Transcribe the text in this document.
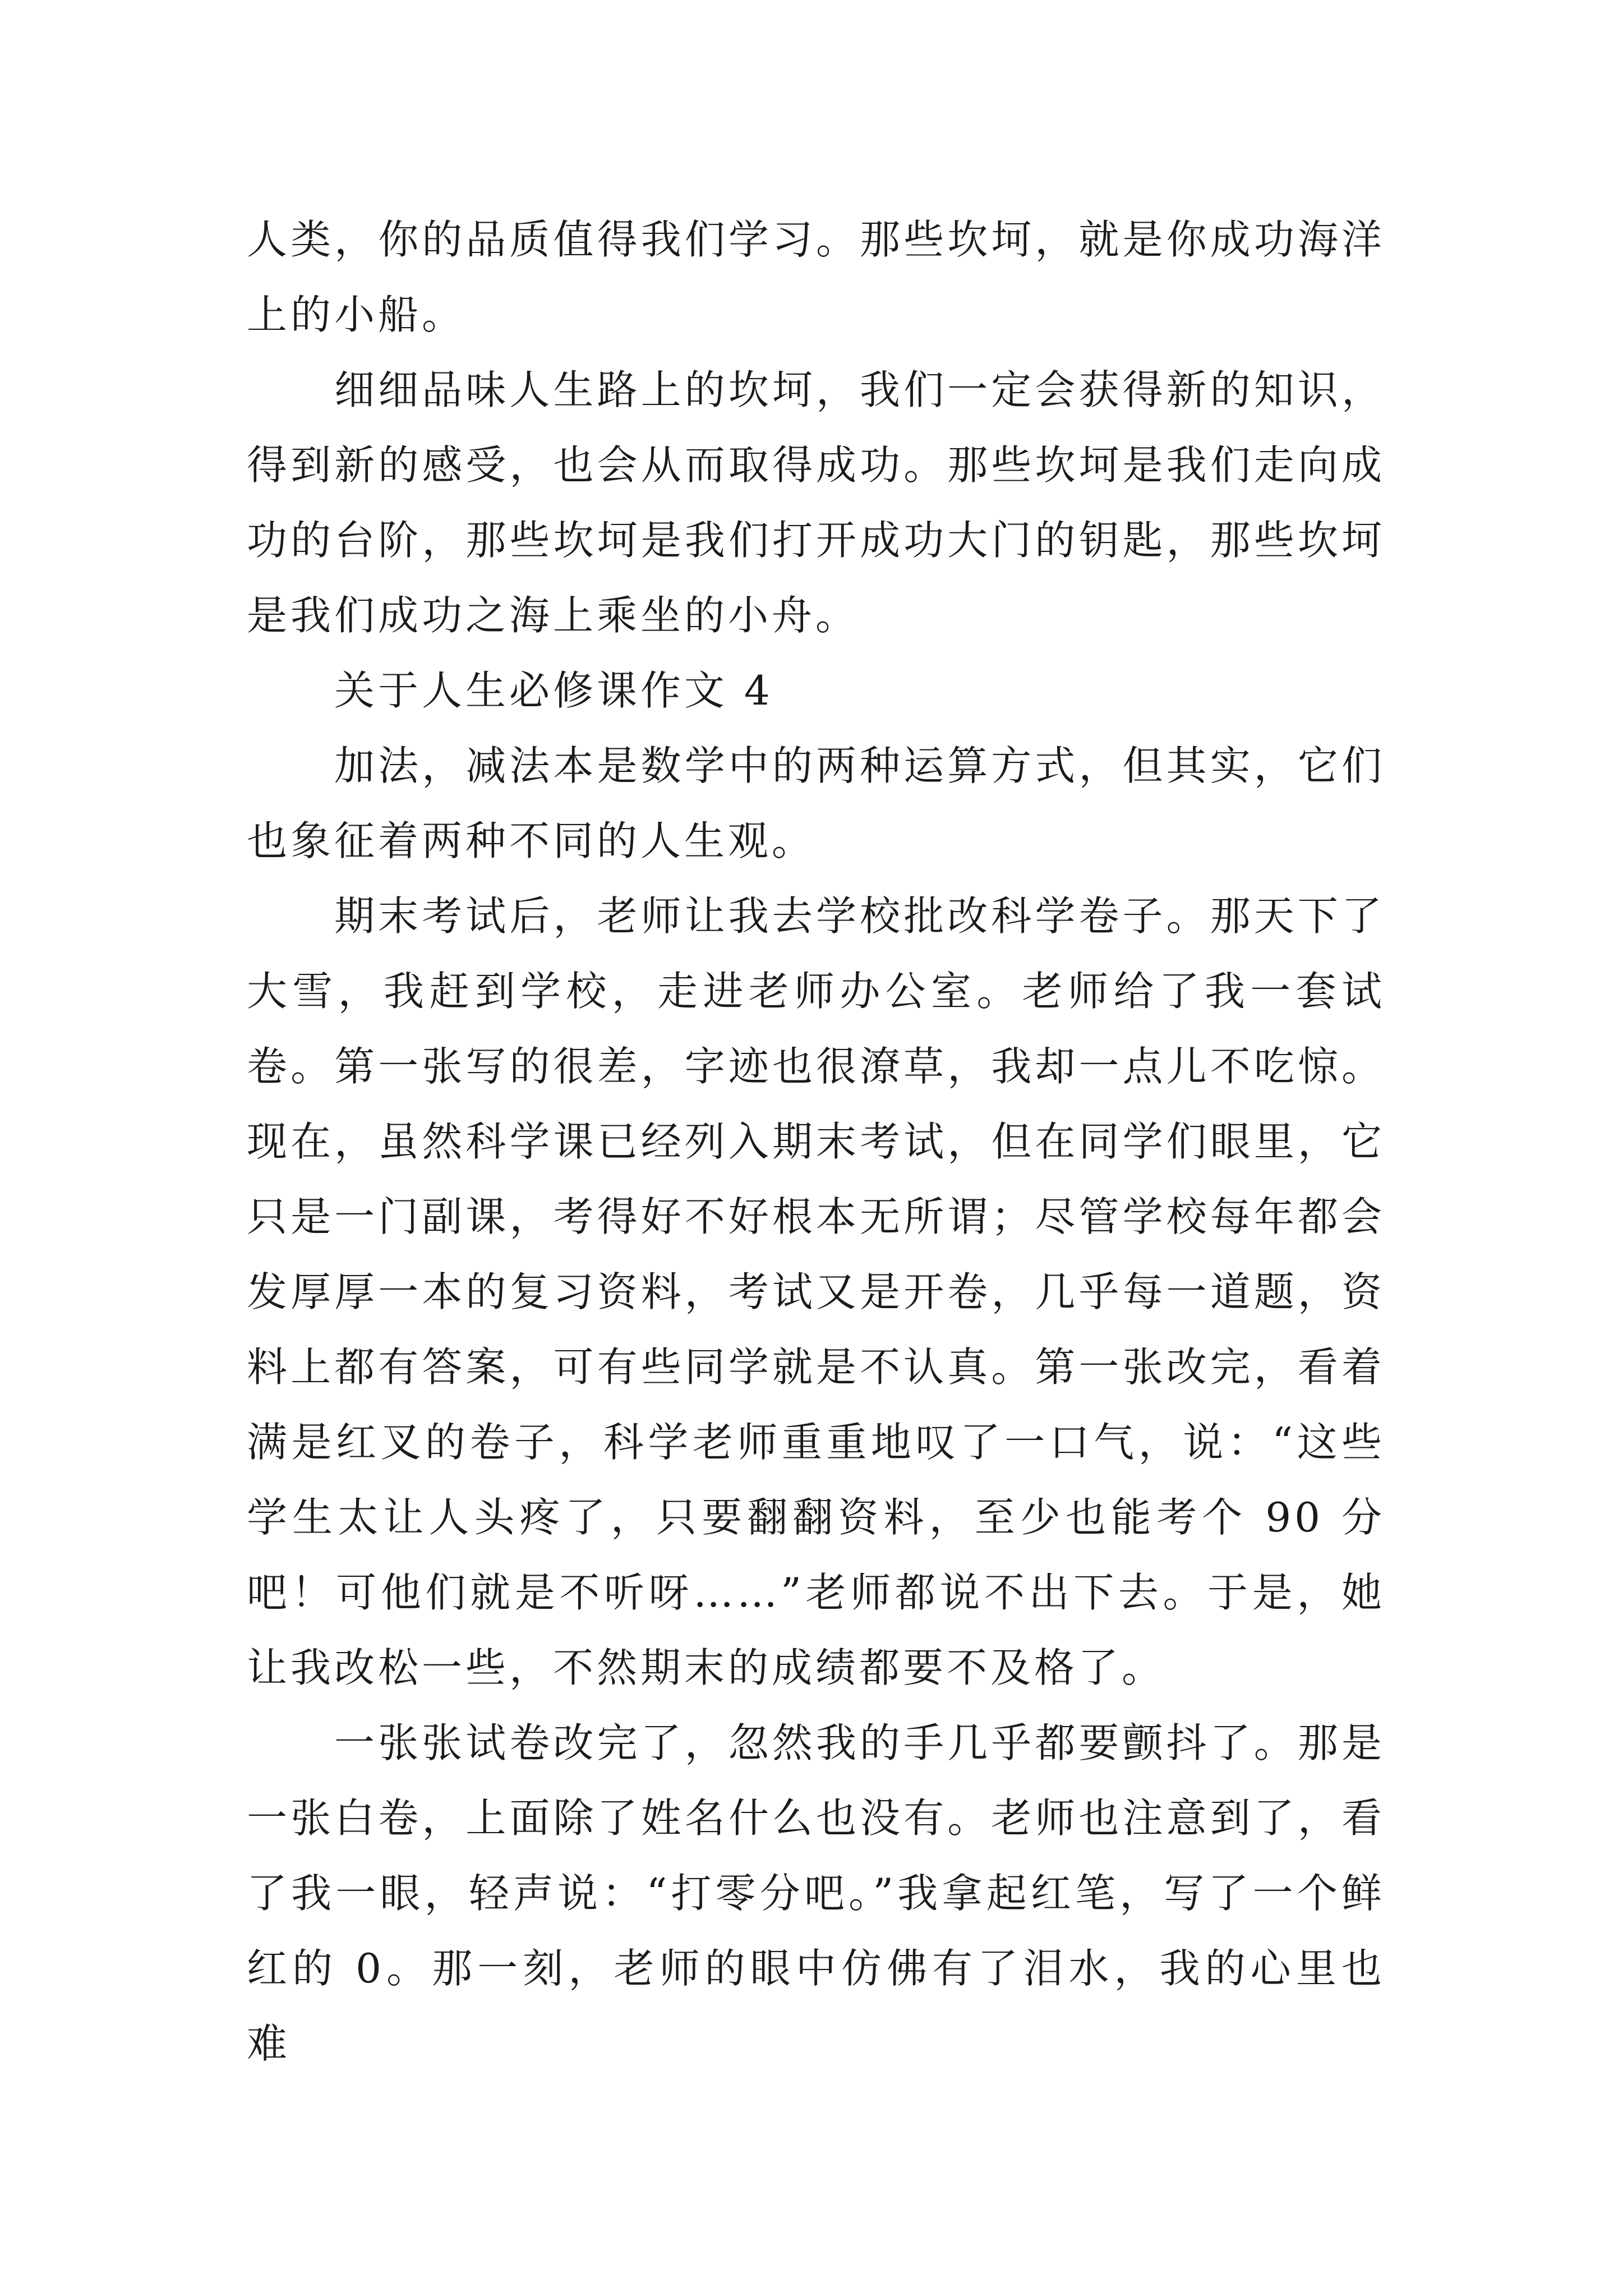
人类，你的品质值得我们学习。那些坎坷，就是你成功海洋上的小船。

细细品味人生路上的坎坷，我们一定会获得新的知识，得到新的感受，也会从而取得成功。那些坎坷是我们走向成功的台阶，那些坎坷是我们打开成功大门的钥匙，那些坎坷是我们成功之海上乘坐的小舟。

关于人生必修课作文 4

加法，减法本是数学中的两种运算方式，但其实，它们也象征着两种不同的人生观。

期末考试后，老师让我去学校批改科学卷子。那天下了大雪，我赶到学校，走进老师办公室。老师给了我一套试卷。第一张写的很差，字迹也很潦草，我却一点儿不吃惊。现在，虽然科学课已经列入期末考试，但在同学们眼里，它只是一门副课，考得好不好根本无所谓；尽管学校每年都会发厚厚一本的复习资料，考试又是开卷，几乎每一道题，资料上都有答案，可有些同学就是不认真。第一张改完，看着满是红叉的卷子，科学老师重重地叹了一口气，说：“这些学生太让人头疼了，只要翻翻资料，至少也能考个 90 分吧！可他们就是不听呀……”老师都说不出下去。于是，她让我改松一些，不然期末的成绩都要不及格了。

一张张试卷改完了，忽然我的手几乎都要颤抖了。那是一张白卷，上面除了姓名什么也没有。老师也注意到了，看了我一眼，轻声说：“打零分吧。”我拿起红笔，写了一个鲜红的 0。那一刻，老师的眼中仿佛有了泪水，我的心里也难
